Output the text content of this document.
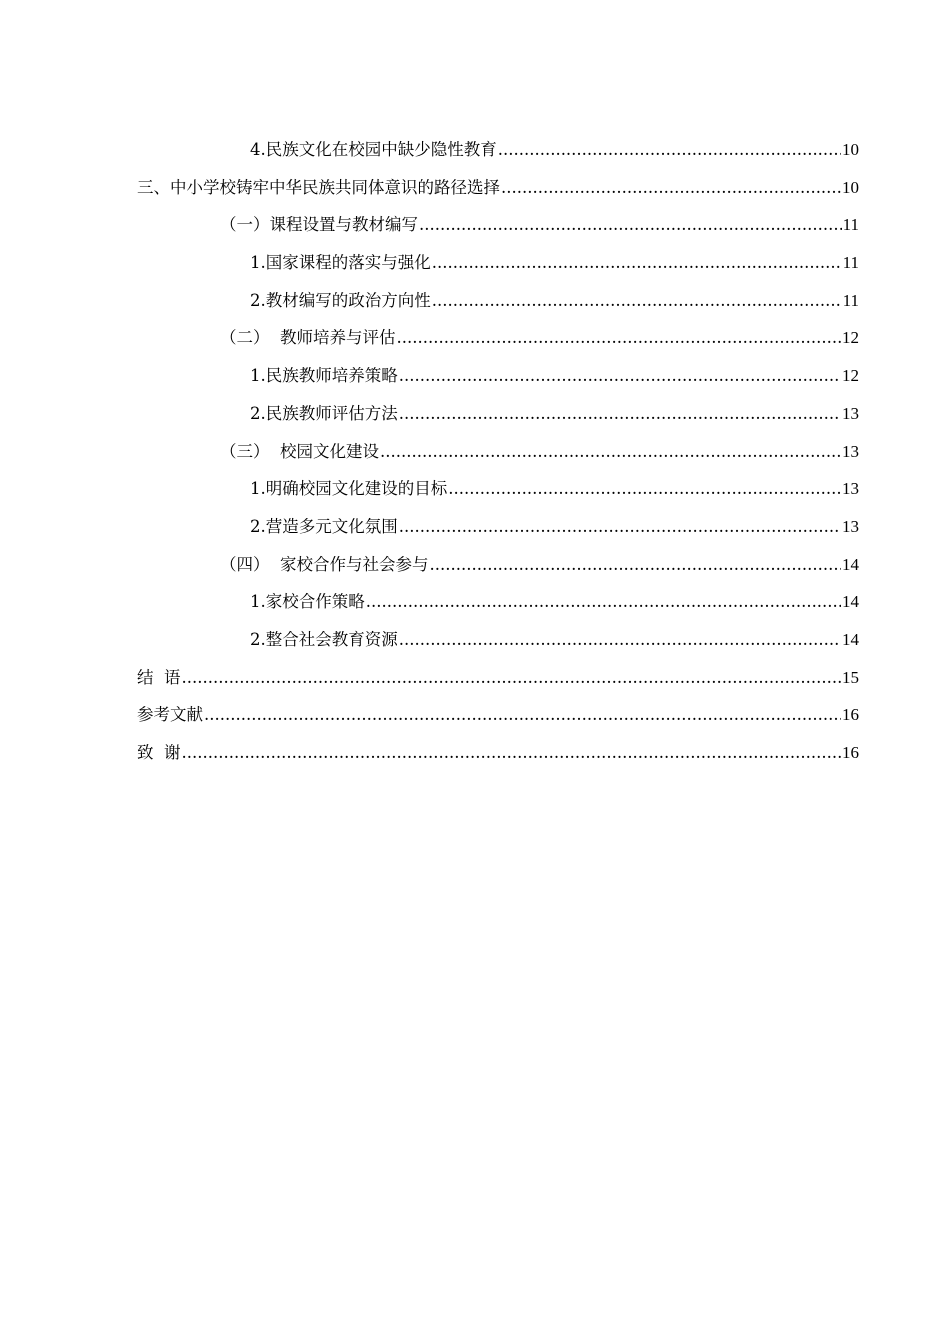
4.民族文化在校园中缺少隐性教育 .....	10
三、中小学校铸牢中华民族共同体意识的路径选择 .....	10
（一）课程设置与教材编写 .....	11
1.国家课程的落实与强化 .....	11
2.教材编写的政治方向性 .....	11
（二）  教师培养与评估 .....	12
1.民族教师培养策略 .....	12
2.民族教师评估方法 .....	13
（三）  校园文化建设 .....	13
1.明确校园文化建设的目标 .....	13
2.营造多元文化氛围 .....	13
（四）  家校合作与社会参与 .....	14
1.家校合作策略 .....	14
2.整合社会教育资源 .....	14
结  语 .....	15
参考文献 .....	16
致  谢 .....	16
